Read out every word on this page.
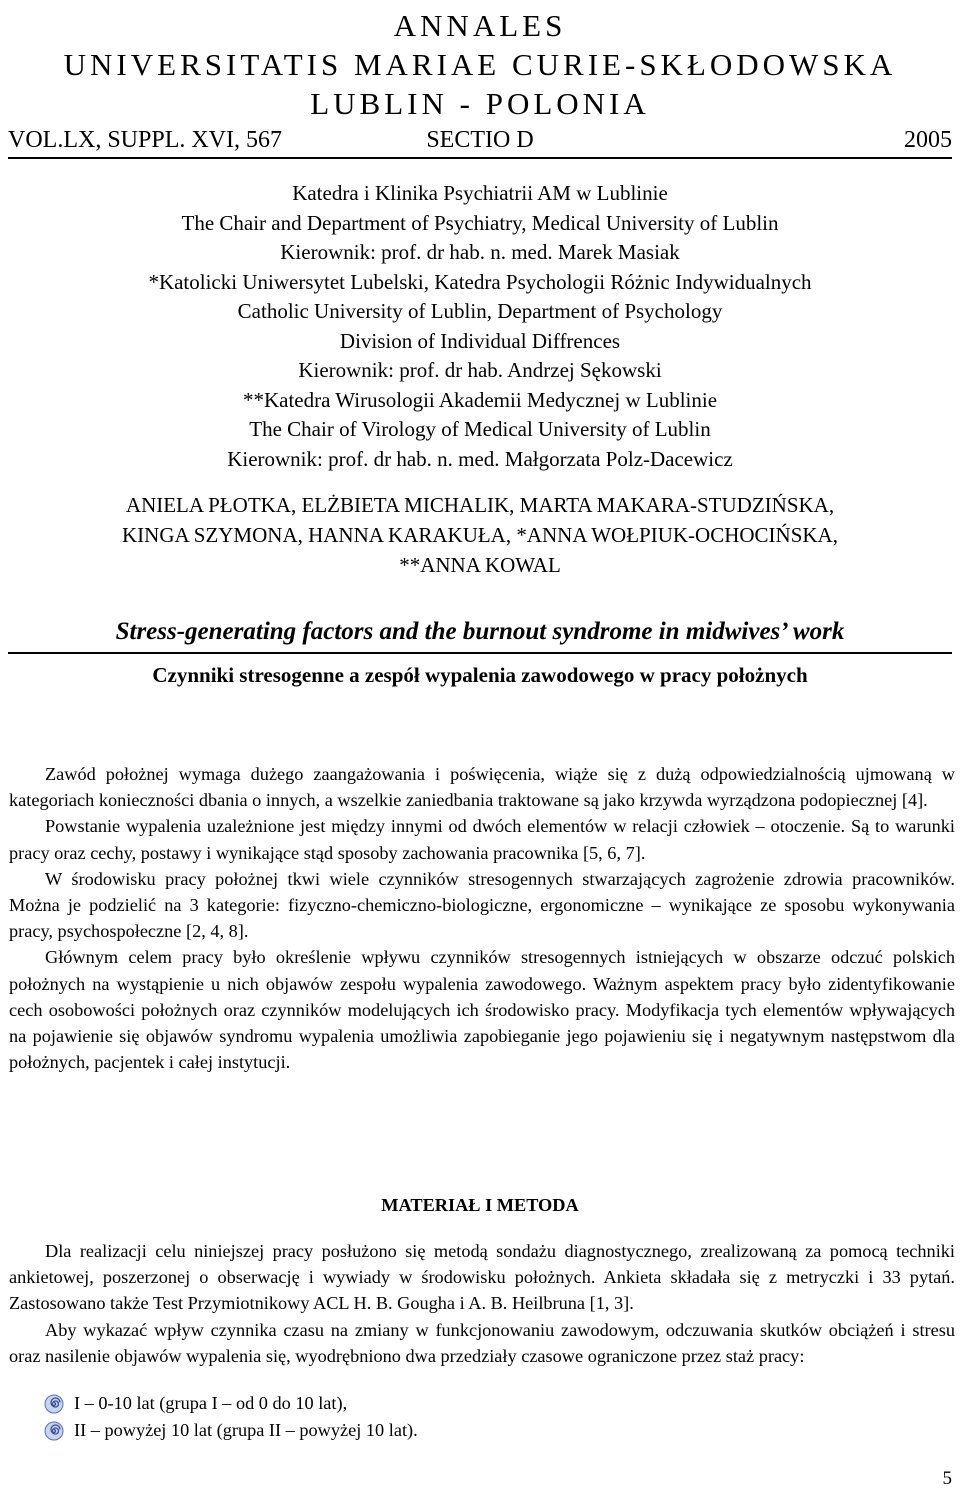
ANNALES
UNIVERSITATIS MARIAE CURIE-SKŁODOWSKA
LUBLIN - POLONIA
SECTIO D
VOL.LX, SUPPL. XVI, 567	2005
Katedra i Klinika Psychiatrii AM w Lublinie
The Chair and Department of Psychiatry, Medical University of Lublin
Kierownik: prof. dr hab. n. med. Marek Masiak
*Katolicki Uniwersytet Lubelski, Katedra Psychologii Różnic Indywidualnych
Catholic University of Lublin, Department of Psychology
Division of Individual Diffrences
Kierownik: prof. dr hab. Andrzej Sękowski
**Katedra Wirusologii Akademii Medycznej w Lublinie
The Chair of Virology of Medical University of Lublin
Kierownik: prof. dr hab. n. med. Małgorzata Polz-Dacewicz
ANIELA PŁOTKA, ELŻBIETA MICHALIK, MARTA MAKARA-STUDZIŃSKA,
KINGA SZYMONA, HANNA KARAKUŁA, *ANNA WOŁPIUK-OCHOCIŃSKA,
**ANNA KOWAL
Stress-generating factors and the burnout syndrome in midwives’ work
Czynniki stresogenne a zespół wypalenia zawodowego w pracy położnych

Zawód położnej wymaga dużego zaangażowania i poświęcenia, wiąże się z dużą odpowiedzialnością ujmowaną w kategoriach konieczności dbania o innych, a wszelkie zaniedbania traktowane są jako krzywda wyrządzona podopiecznej [4].

Powstanie wypalenia uzależnione jest między innymi od dwóch elementów w relacji człowiek – otoczenie. Są to warunki pracy oraz cechy, postawy i wynikające stąd sposoby zachowania pracownika [5, 6, 7].

W środowisku pracy położnej tkwi wiele czynników stresogennych stwarzających zagrożenie zdrowia pracowników. Można je podzielić na 3 kategorie: fizyczno-chemiczno-biologiczne, ergonomiczne – wynikające ze sposobu wykonywania pracy, psychospołeczne [2, 4, 8].

Głównym celem pracy było określenie wpływu czynników stresogennych istniejących w obszarze odczuć polskich położnych na wystąpienie u nich objawów zespołu wypalenia zawodowego. Ważnym aspektem pracy było zidentyfikowanie cech osobowości położnych oraz czynników modelujących ich środowisko pracy. Modyfikacja tych elementów wpływających na pojawienie się objawów syndromu wypalenia umożliwia zapobieganie jego pojawieniu się i negatywnym następstwom dla położnych, pacjentek i całej instytucji.

MATERIAŁ I METODA

Dla realizacji celu niniejszej pracy posłużono się metodą sondażu diagnostycznego, zrealizowaną za pomocą techniki ankietowej, poszerzonej o obserwację i wywiady w środowisku położnych. Ankieta składała się z metryczki i 33 pytań. Zastosowano także Test Przymiotnikowy ACL H. B. Gougha i A. B. Heilbruna [1, 3].

Aby wykazać wpływ czynnika czasu na zmiany w funkcjonowaniu zawodowym, odczuwania skutków obciążeń i stresu oraz nasilenie objawów wypalenia się, wyodrębniono dwa przedziały czasowe ograniczone przez staż pracy:

I – 0-10 lat (grupa I – od 0 do 10 lat),
II – powyżej 10 lat (grupa II – powyżej 10 lat).
5
